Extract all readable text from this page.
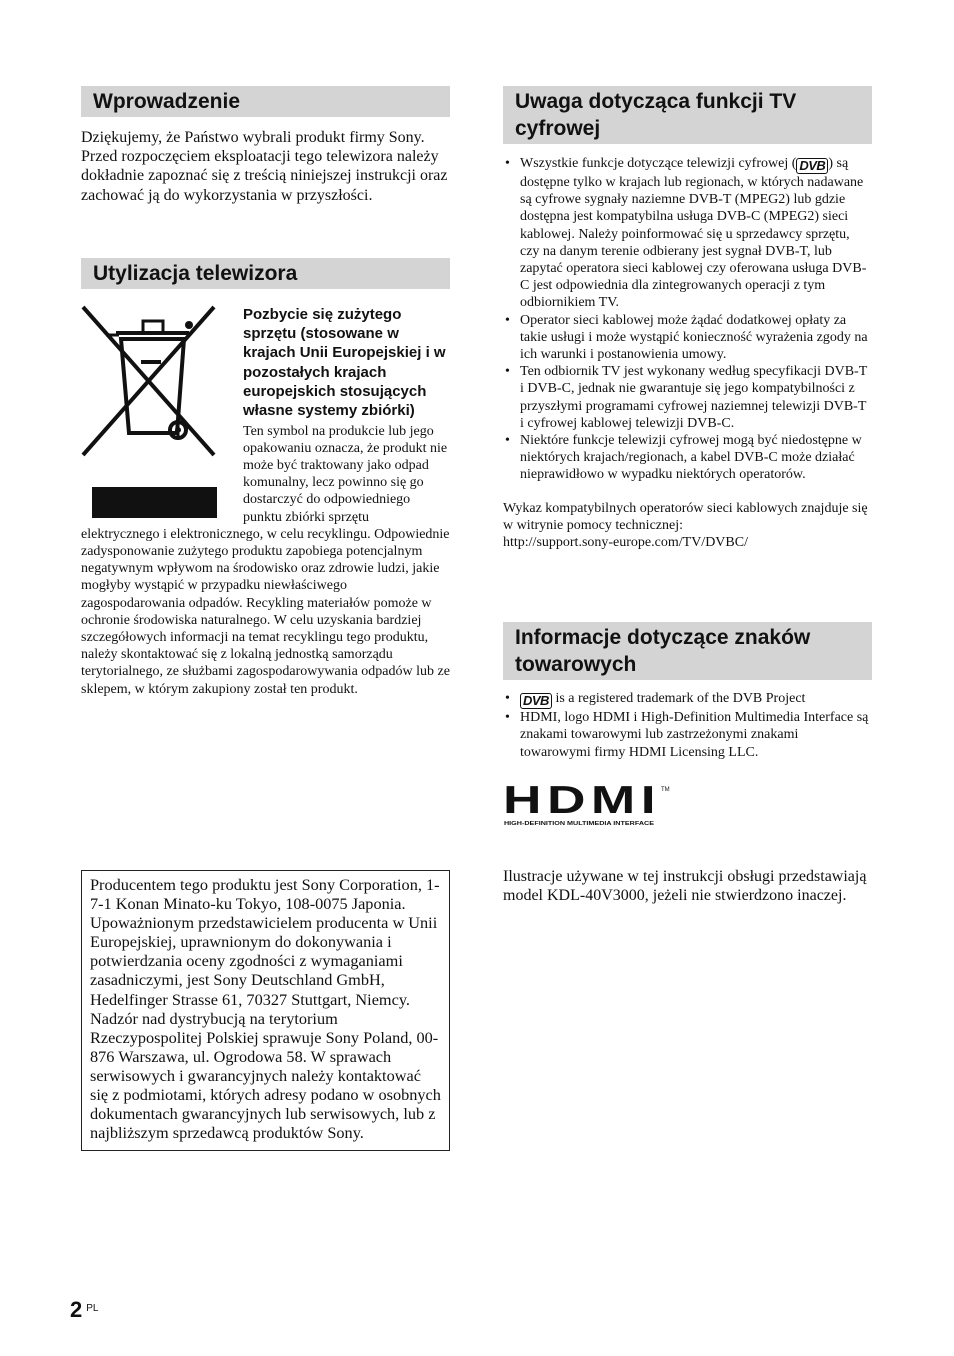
Wprowadzenie

Dziękujemy, że Państwo wybrali produkt firmy Sony.

Przed rozpoczęciem eksploatacji tego telewizora należy dokładnie zapoznać się z treścią niniejszej instrukcji oraz zachować ją do wykorzystania w przyszłości.

Utylizacja telewizora
Pozbycie się zużytego sprzętu (stosowane w krajach Unii Europejskiej i w pozostałych krajach europejskich stosujących własne systemy zbiórki)

Ten symbol na produkcie lub jego opakowaniu oznacza, że produkt nie może być traktowany jako odpad komunalny, lecz powinno się go dostarczyć do odpowiedniego punktu zbiórki sprzętu elektrycznego i elektronicznego, w celu recyklingu. Odpowiednie zadysponowanie zużytego produktu zapobiega potencjalnym negatywnym wpływom na środowisko oraz zdrowie ludzi, jakie mogłyby wystąpić w przypadku niewłaściwego zagospodarowania odpadów. Recykling materiałów pomoże w ochronie środowiska naturalnego. W celu uzyskania bardziej szczegółowych informacji na temat recyklingu tego produktu, należy skontaktować się z lokalną jednostką samorządu terytorialnego, ze służbami zagospodarowywania odpadów lub ze sklepem, w którym zakupiony został ten produkt.

Producentem tego produktu jest Sony Corporation, 1-7-1 Konan Minato-ku Tokyo, 108-0075 Japonia. Upoważnionym przedstawicielem producenta w Unii Europejskiej, uprawnionym do dokonywania i potwierdzania oceny zgodności z wymaganiami zasadniczymi, jest Sony Deutschland GmbH, Hedelfinger Strasse 61, 70327 Stuttgart, Niemcy. Nadzór nad dystrybucją na terytorium Rzeczypospolitej Polskiej sprawuje Sony Poland, 00-876 Warszawa, ul. Ogrodowa 58. W sprawach serwisowych i gwarancyjnych należy kontaktować się z podmiotami, których adresy podano w osobnych dokumentach gwarancyjnych lub serwisowych, lub z najbliższym sprzedawcą produktów Sony.

Uwaga dotycząca funkcji TV cyfrowej
• Wszystkie funkcje dotyczące telewizji cyfrowej ( DVB ) są dostępne tylko w krajach lub regionach, w których nadawane są cyfrowe sygnały naziemne DVB-T (MPEG2) lub gdzie dostępna jest kompatybilna usługa DVB-C (MPEG2) sieci kablowej. Należy poinformować się u sprzedawcy sprzętu, czy na danym terenie odbierany jest sygnał DVB-T, lub zapytać operatora sieci kablowej czy oferowana usługa DVB-C jest odpowiednia dla zintegrowanych operacji z tym odbiornikiem TV.
• Operator sieci kablowej może żądać dodatkowej opłaty za takie usługi i może wystąpić konieczność wyrażenia zgody na ich warunki i postanowienia umowy.
• Ten odbiornik TV jest wykonany według specyfikacji DVB-T i DVB-C, jednak nie gwarantuje się jego kompatybilności z przyszłymi programami cyfrowej naziemnej telewizji DVB-T i cyfrowej kablowej telewizji DVB-C.
• Niektóre funkcje telewizji cyfrowej mogą być niedostępne w niektórych krajach/regionach, a kabel DVB-C może działać nieprawidłowo w wypadku niektórych operatorów.

Wykaz kompatybilnych operatorów sieci kablowych znajduje się w witrynie pomocy technicznej:

http://support.sony-europe.com/TV/DVBC/

Informacje dotyczące znaków towarowych
• DVB is a registered trademark of the DVB Project
• HDMI, logo HDMI i High-Definition Multimedia Interface są znakami towarowymi lub zastrzeżonymi znakami towarowymi firmy HDMI Licensing LLC.
HDMI TM
HIGH-DEFINITION MULTIMEDIA INTERFACE

Ilustracje używane w tej instrukcji obsługi przedstawiają model KDL-40V3000, jeżeli nie stwierdzono inaczej.

2 $^{PL}$
